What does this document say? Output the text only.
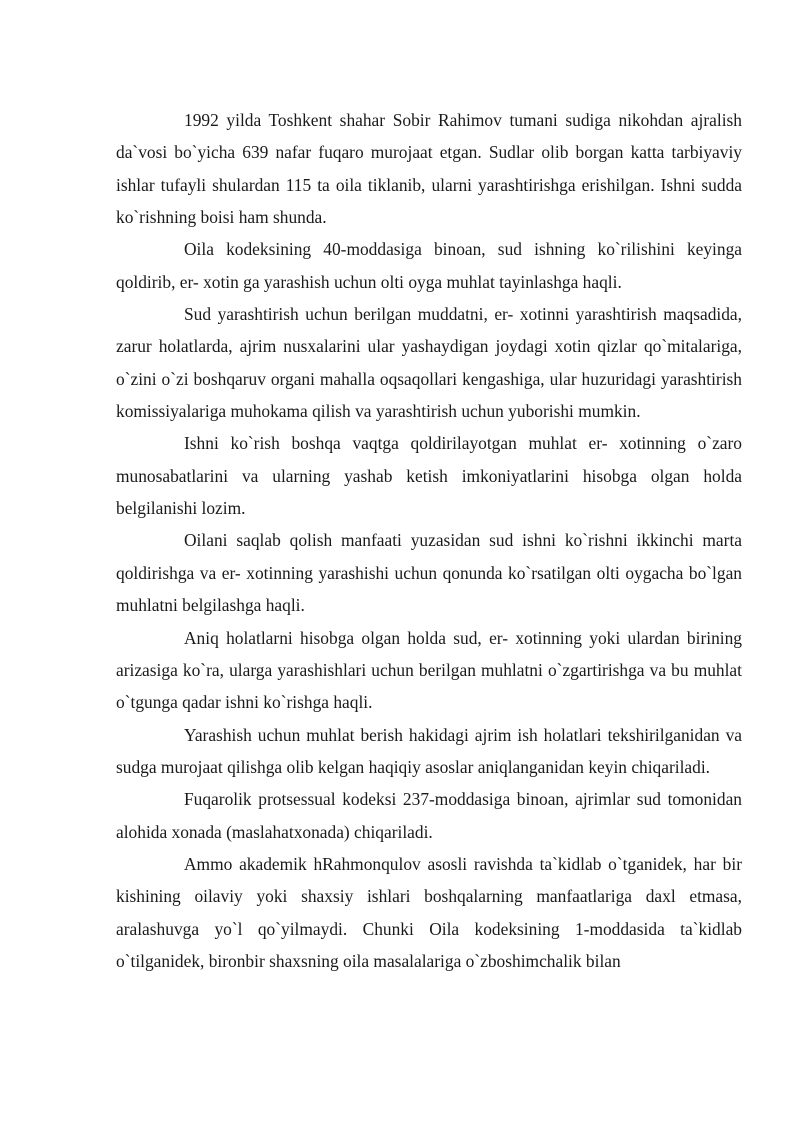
1992 yilda Toshkent shahar Sobir Rahimov tumani sudiga nikohdan ajralish da`vosi bo`yicha 639 nafar fuqaro murojaat etgan. Sudlar olib borgan katta tarbiyaviy ishlar tufayli shulardan 115 ta oila tiklanib, ularni yarashtirishga erishilgan. Ishni sudda ko`rishning boisi ham shunda.

Oila kodeksining 40-moddasiga binoan, sud ishning ko`rilishini keyinga qoldirib, er- xotin ga yarashish uchun olti oyga muhlat tayinlashga haqli.

Sud yarashtirish uchun berilgan muddatni, er- xotinni yarashtirish maqsadida, zarur holatlarda, ajrim nusxalarini ular yashaydigan joydagi xotin qizlar qo`mitalariga, o`zini o`zi boshqaruv organi mahalla oqsaqollari kengashiga, ular huzuridagi yarashtirish komissiyalariga muhokama qilish va yarashtirish uchun yuborishi mumkin.

Ishni ko`rish boshqa vaqtga qoldirilayotgan muhlat er- xotinning o`zaro munosabatlarini va ularning yashab ketish imkoniyatlarini hisobga olgan holda belgilanishi lozim.

Oilani saqlab qolish manfaati yuzasidan sud ishni ko`rishni ikkinchi marta qoldirishga va er- xotinning yarashishi uchun qonunda ko`rsatilgan olti oygacha bo`lgan muhlatni belgilashga haqli.

Aniq holatlarni hisobga olgan holda sud, er- xotinning yoki ulardan birining arizasiga ko`ra, ularga yarashishlari uchun berilgan muhlatni o`zgartirishga va bu muhlat o`tgunga qadar ishni ko`rishga haqli.

Yarashish uchun muhlat berish hakidagi ajrim ish holatlari tekshirilganidan va sudga murojaat qilishga olib kelgan haqiqiy asoslar aniqlanganidan keyin chiqariladi.

Fuqarolik protsessual kodeksi 237-moddasiga binoan, ajrimlar sud tomonidan alohida xonada (maslahatxonada) chiqariladi.

Ammo akademik hRahmonqulov asosli ravishda ta`kidlab o`tganidek, har bir kishining oilaviy yoki shaxsiy ishlari boshqalarning manfaatlariga daxl etmasa, aralashuvga yo`l qo`yilmaydi. Chunki Oila kodeksining 1-moddasida ta`kidlab o`tilganidek, bironbir shaxsning oila masalalariga o`zboshimchalik bilan
